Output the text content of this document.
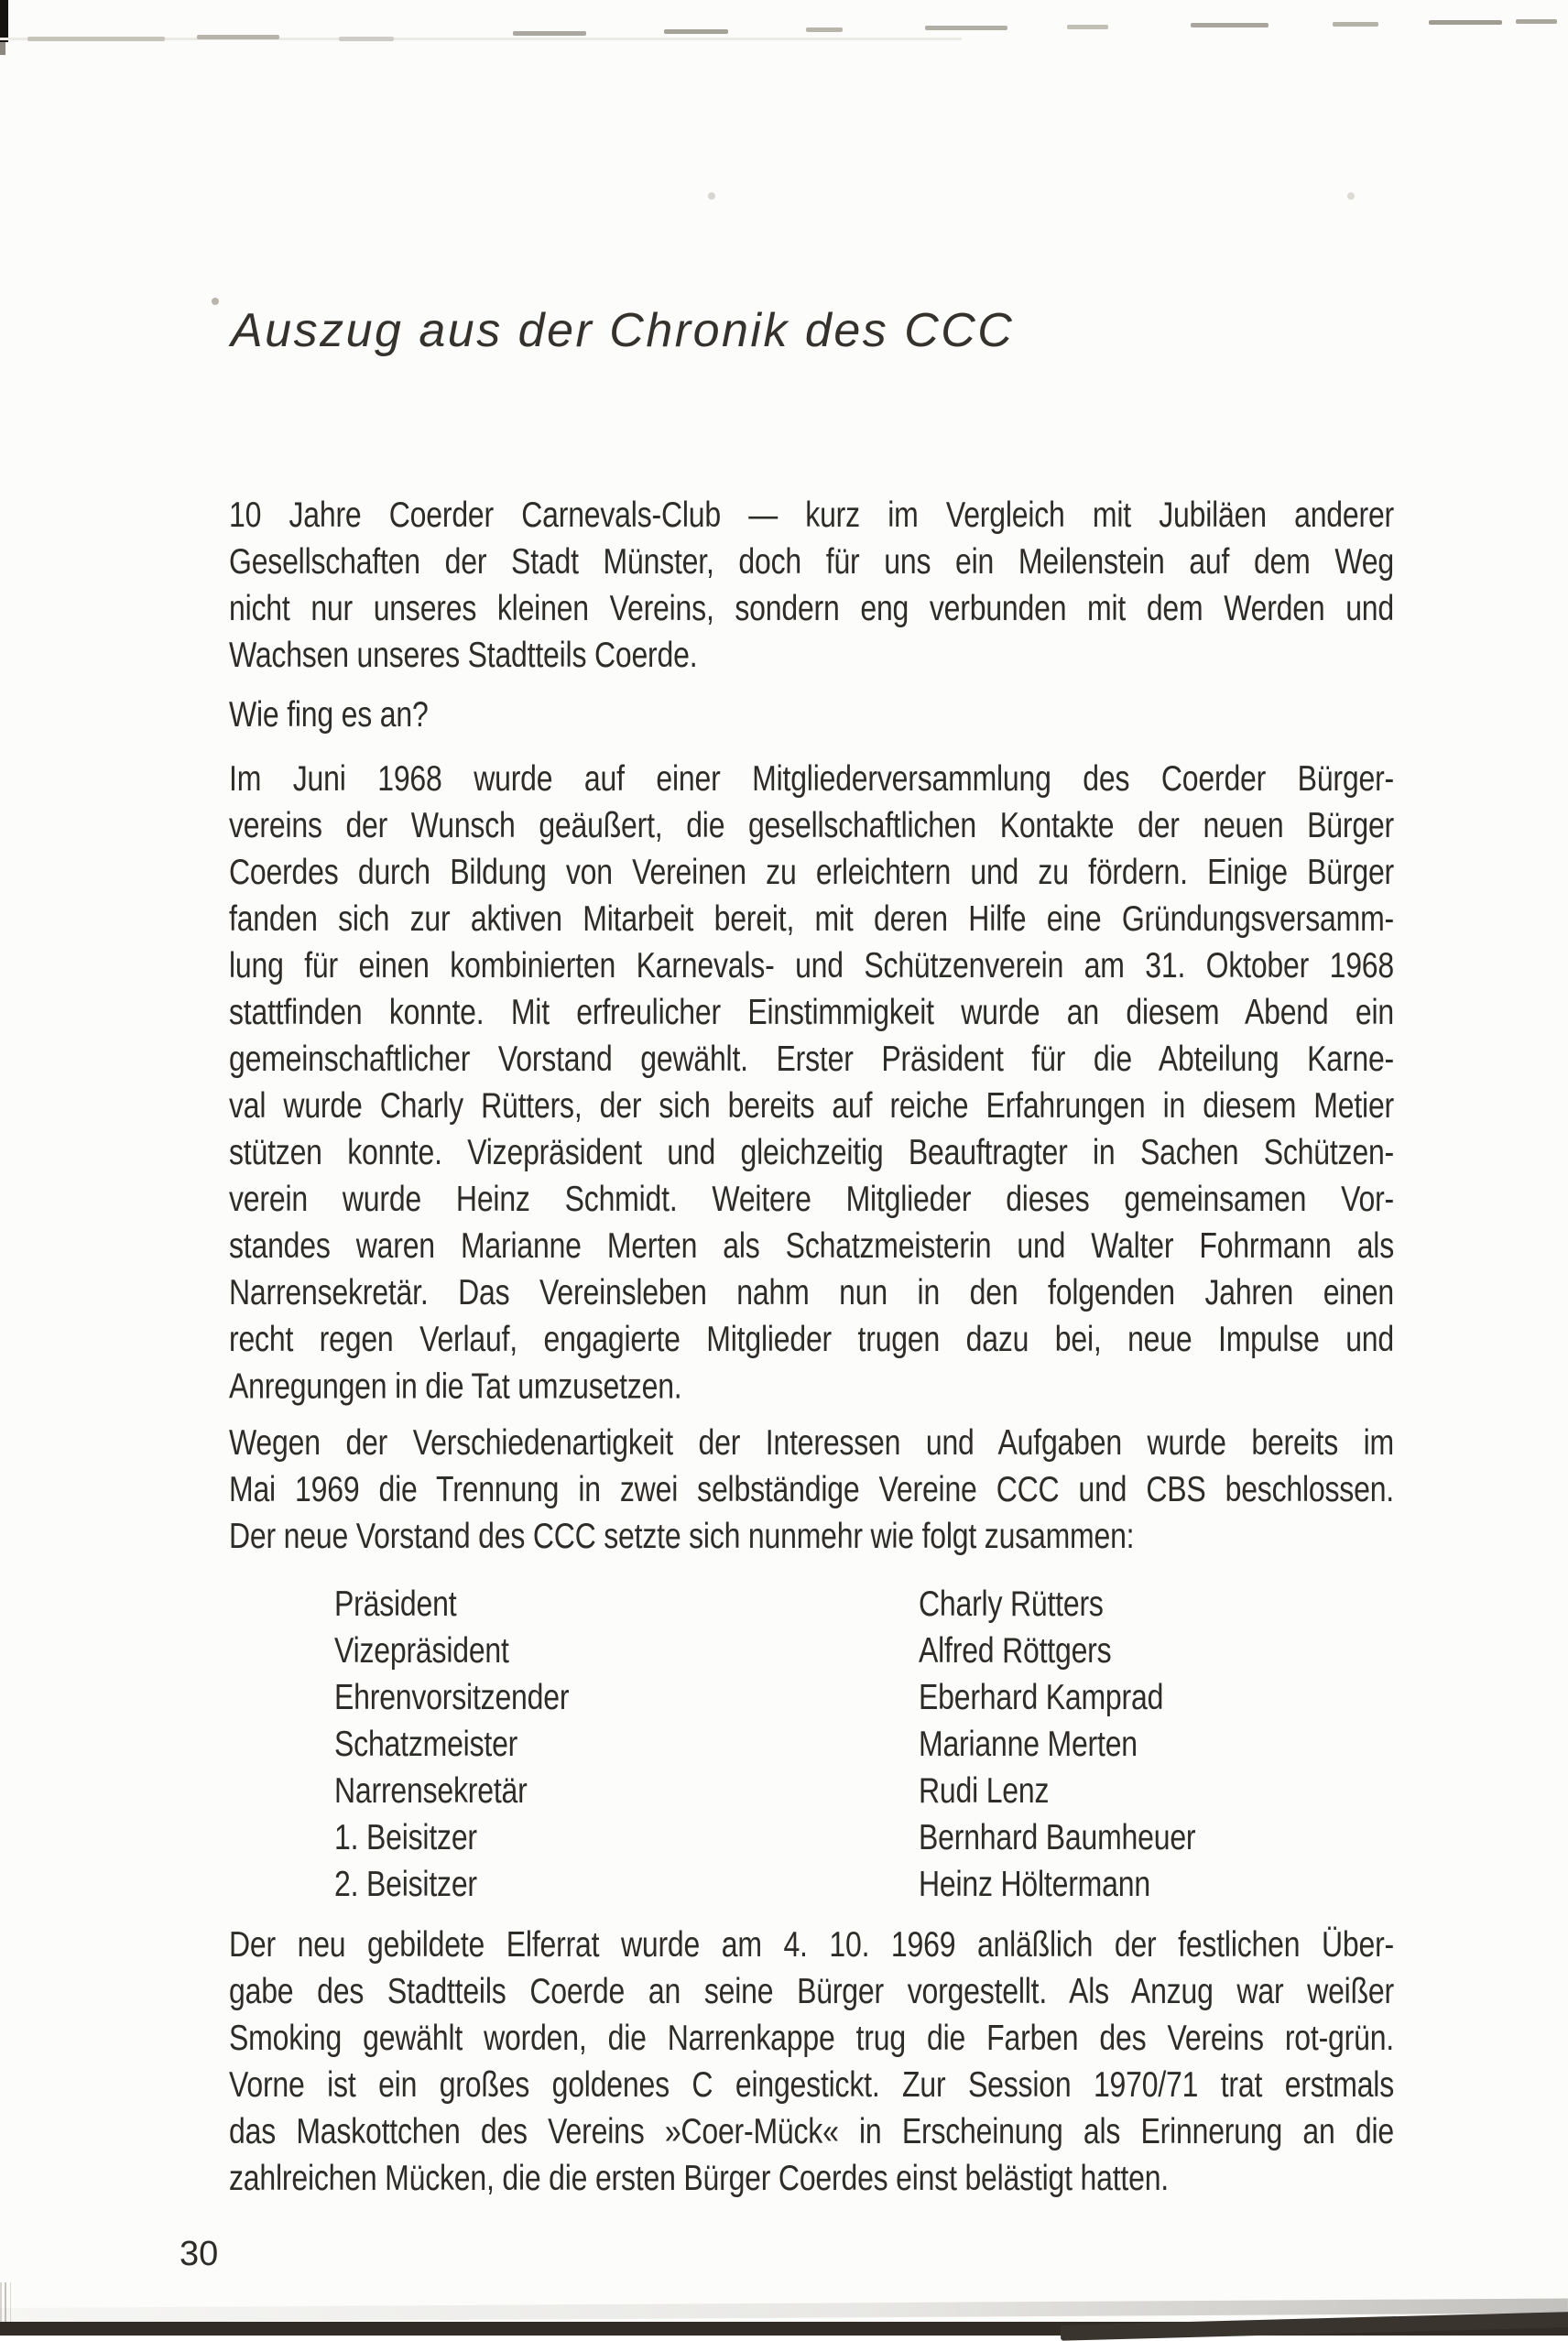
Auszug aus der Chronik des CCC
10 Jahre Coerder Carnevals-Club — kurz im Vergleich mit Jubiläen anderer
Gesellschaften der Stadt Münster, doch für uns ein Meilenstein auf dem Weg
nicht nur unseres kleinen Vereins, sondern eng verbunden mit dem Werden und
Wachsen unseres Stadtteils Coerde.
Wie fing es an?
Im Juni 1968 wurde auf einer Mitgliederversammlung des Coerder Bürger-
vereins der Wunsch geäußert, die gesellschaftlichen Kontakte der neuen Bürger
Coerdes durch Bildung von Vereinen zu erleichtern und zu fördern. Einige Bürger
fanden sich zur aktiven Mitarbeit bereit, mit deren Hilfe eine Gründungsversamm-
lung für einen kombinierten Karnevals- und Schützenverein am 31. Oktober 1968
stattfinden konnte. Mit erfreulicher Einstimmigkeit wurde an diesem Abend ein
gemeinschaftlicher Vorstand gewählt. Erster Präsident für die Abteilung Karne-
val wurde Charly Rütters, der sich bereits auf reiche Erfahrungen in diesem Metier
stützen konnte. Vizepräsident und gleichzeitig Beauftragter in Sachen Schützen-
verein wurde Heinz Schmidt. Weitere Mitglieder dieses gemeinsamen Vor-
standes waren Marianne Merten als Schatzmeisterin und Walter Fohrmann als
Narrensekretär. Das Vereinsleben nahm nun in den folgenden Jahren einen
recht regen Verlauf, engagierte Mitglieder trugen dazu bei, neue Impulse und
Anregungen in die Tat umzusetzen.
Wegen der Verschiedenartigkeit der Interessen und Aufgaben wurde bereits im
Mai 1969 die Trennung in zwei selbständige Vereine CCC und CBS beschlossen.
Der neue Vorstand des CCC setzte sich nunmehr wie folgt zusammen:
Präsident	Charly Rütters
Vizepräsident	Alfred Röttgers
Ehrenvorsitzender	Eberhard Kamprad
Schatzmeister	Marianne Merten
Narrensekretär	Rudi Lenz
1. Beisitzer	Bernhard Baumheuer
2. Beisitzer	Heinz Höltermann
Der neu gebildete Elferrat wurde am 4. 10. 1969 anläßlich der festlichen Über-
gabe des Stadtteils Coerde an seine Bürger vorgestellt. Als Anzug war weißer
Smoking gewählt worden, die Narrenkappe trug die Farben des Vereins rot-grün.
Vorne ist ein großes goldenes C eingestickt. Zur Session 1970/71 trat erstmals
das Maskottchen des Vereins »Coer-Mück« in Erscheinung als Erinnerung an die
zahlreichen Mücken, die die ersten Bürger Coerdes einst belästigt hatten.
30
